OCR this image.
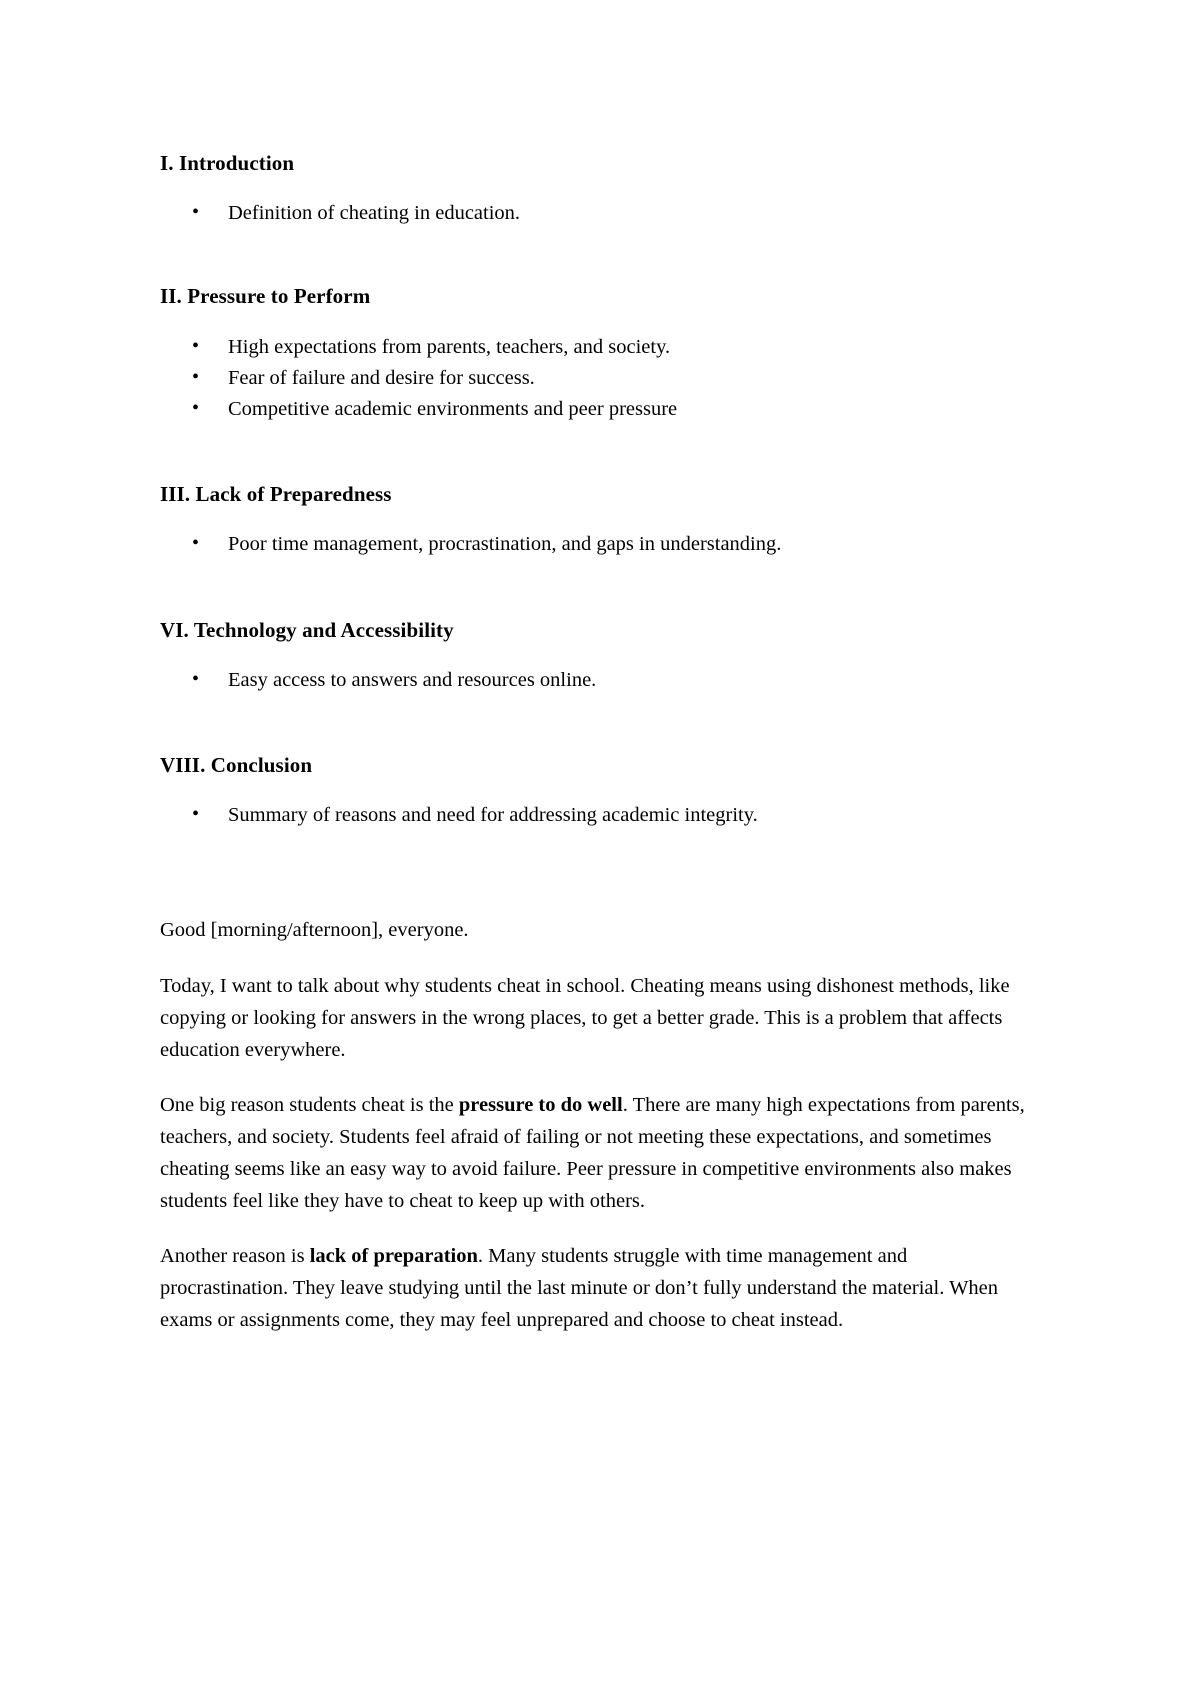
I. Introduction
• Definition of cheating in education.
II. Pressure to Perform
• High expectations from parents, teachers, and society.
• Fear of failure and desire for success.
• Competitive academic environments and peer pressure
III. Lack of Preparedness
• Poor time management, procrastination, and gaps in understanding.
VI. Technology and Accessibility
• Easy access to answers and resources online.
VIII. Conclusion
• Summary of reasons and need for addressing academic integrity.

Good [morning/afternoon], everyone.

Today, I want to talk about why students cheat in school. Cheating means using dishonest methods, like copying or looking for answers in the wrong places, to get a better grade. This is a problem that affects education everywhere.

One big reason students cheat is the pressure to do well. There are many high expectations from parents, teachers, and society. Students feel afraid of failing or not meeting these expectations, and sometimes cheating seems like an easy way to avoid failure. Peer pressure in competitive environments also makes students feel like they have to cheat to keep up with others.

Another reason is lack of preparation. Many students struggle with time management and procrastination. They leave studying until the last minute or don’t fully understand the material. When exams or assignments come, they may feel unprepared and choose to cheat instead.
